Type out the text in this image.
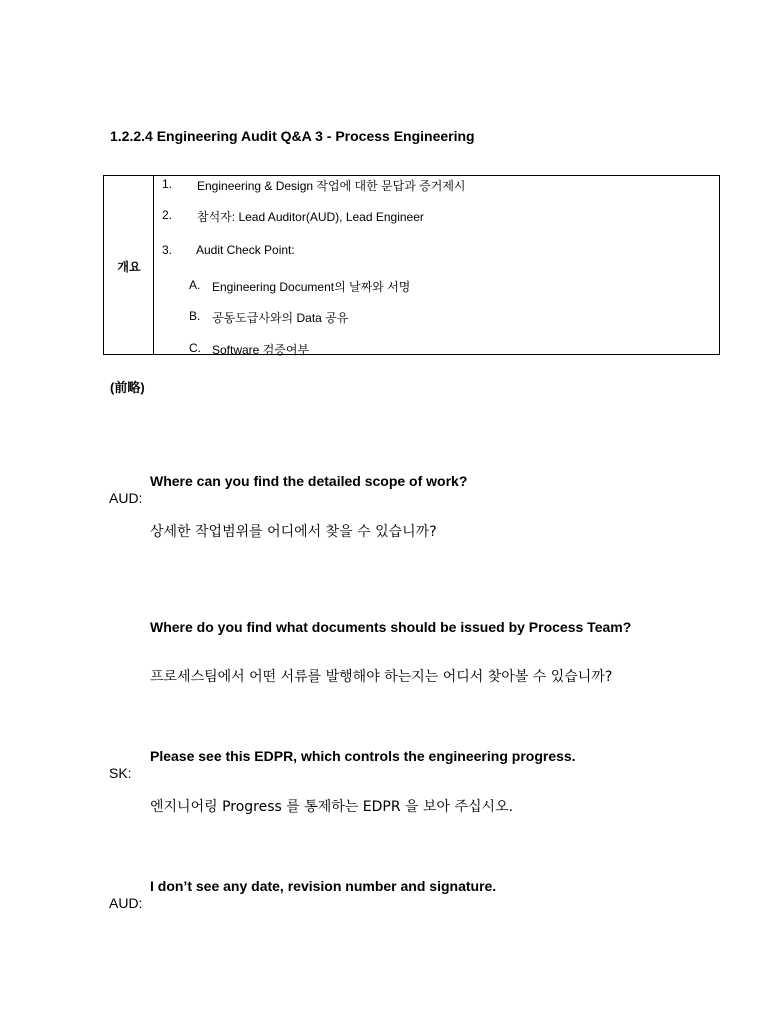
1.2.2.4 Engineering Audit Q&A 3 - Process Engineering
개요
1. Engineering & Design 작업에 대한 문답과 증거제시
2. 참석자: Lead Auditor(AUD), Lead Engineer
3. Audit Check Point:
A. Engineering Document의 날짜와 서명
B. 공동도급사와의 Data 공유
C. Software 검증여부
(前略)
Where can you find the detailed scope of work?
AUD:
상세한 작업범위를 어디에서 찾을 수 있습니까?
Where do you find what documents should be issued by Process Team?
프로세스팀에서 어떤 서류를 발행해야 하는지는 어디서 찾아볼 수 있습니까?
Please see this EDPR, which controls the engineering progress.
SK:
엔지니어링 Progress 를 통제하는 EDPR 을 보아 주십시오.
I don’t see any date, revision number and signature.
AUD:
